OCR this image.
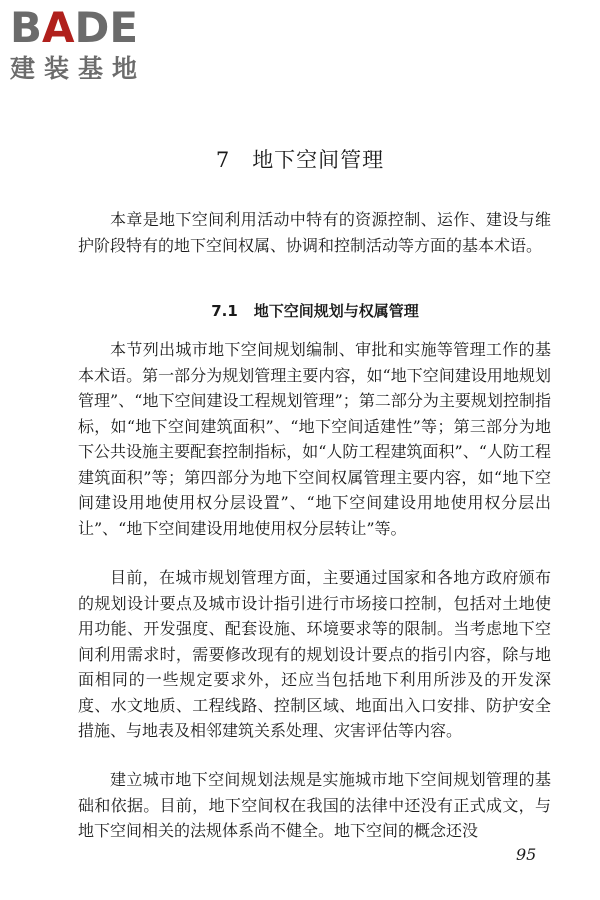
BADE
建装基地
7 地下空间管理

本章是地下空间利用活动中特有的资源控制、运作、建设与维护阶段特有的地下空间权属、协调和控制活动等方面的基本术语。

7.1 地下空间规划与权属管理

本节列出城市地下空间规划编制、审批和实施等管理工作的基本术语。第一部分为规划管理主要内容，如“地下空间建设用地规划管理”、“地下空间建设工程规划管理”；第二部分为主要规划控制指标，如“地下空间建筑面积”、“地下空间适建性”等；第三部分为地下公共设施主要配套控制指标，如“人防工程建筑面积”、“人防工程建筑面积”等；第四部分为地下空间权属管理主要内容，如“地下空间建设用地使用权分层设置”、“地下空间建设用地使用权分层出让”、“地下空间建设用地使用权分层转让”等。

目前，在城市规划管理方面，主要通过国家和各地方政府颁布的规划设计要点及城市设计指引进行市场接口控制，包括对土地使用功能、开发强度、配套设施、环境要求等的限制。当考虑地下空间利用需求时，需要修改现有的规划设计要点的指引内容，除与地面相同的一些规定要求外，还应当包括地下利用所涉及的开发深度、水文地质、工程线路、控制区域、地面出入口安排、防护安全措施、与地表及相邻建筑关系处理、灾害评估等内容。

建立城市地下空间规划法规是实施城市地下空间规划管理的基础和依据。目前，地下空间权在我国的法律中还没有正式成文，与地下空间相关的法规体系尚不健全。地下空间的概念还没

95
